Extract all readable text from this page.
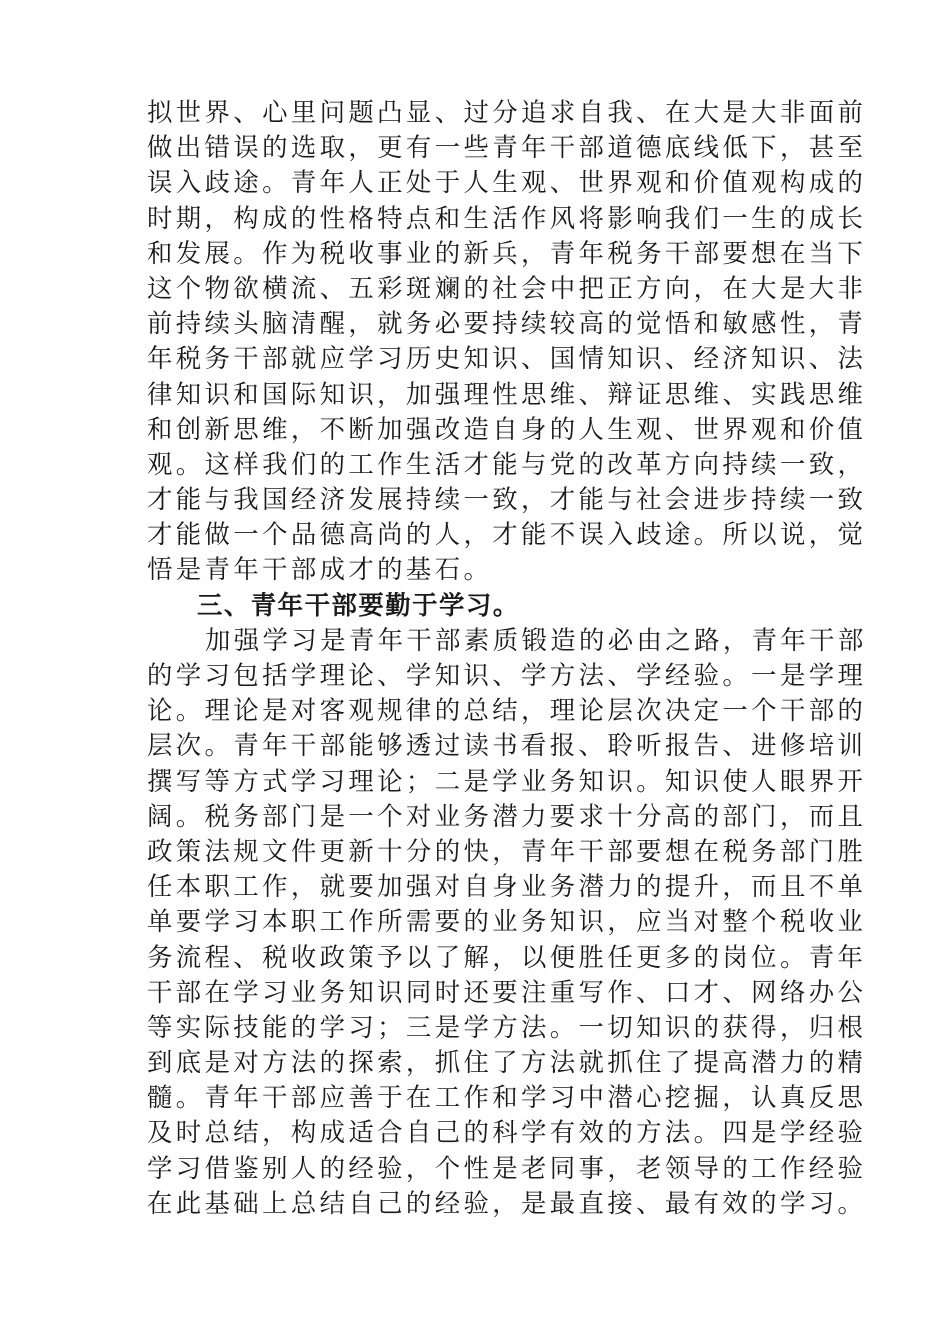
拟世界、心里问题凸显、过分追求自我、在大是大非面前
做出错误的选取，更有一些青年干部道德底线低下，甚至
误入歧途。青年人正处于人生观、世界观和价值观构成的
时期，构成的性格特点和生活作风将影响我们一生的成长
和发展。作为税收事业的新兵，青年税务干部要想在当下
这个物欲横流、五彩斑斓的社会中把正方向，在大是大非
前持续头脑清醒，就务必要持续较高的觉悟和敏感性，青
年税务干部就应学习历史知识、国情知识、经济知识、法
律知识和国际知识，加强理性思维、辩证思维、实践思维
和创新思维，不断加强改造自身的人生观、世界观和价值
观。这样我们的工作生活才能与党的改革方向持续一致，
才能与我国经济发展持续一致，才能与社会进步持续一致
才能做一个品德高尚的人，才能不误入歧途。所以说，觉
悟是青年干部成才的基石。
三、青年干部要勤于学习。
加强学习是青年干部素质锻造的必由之路，青年干部
的学习包括学理论、学知识、学方法、学经验。一是学理
论。理论是对客观规律的总结，理论层次决定一个干部的
层次。青年干部能够透过读书看报、聆听报告、进修培训
撰写等方式学习理论；二是学业务知识。知识使人眼界开
阔。税务部门是一个对业务潜力要求十分高的部门，而且
政策法规文件更新十分的快，青年干部要想在税务部门胜
任本职工作，就要加强对自身业务潜力的提升，而且不单
单要学习本职工作所需要的业务知识，应当对整个税收业
务流程、税收政策予以了解，以便胜任更多的岗位。青年
干部在学习业务知识同时还要注重写作、口才、网络办公
等实际技能的学习；三是学方法。一切知识的获得，归根
到底是对方法的探索，抓住了方法就抓住了提高潜力的精
髓。青年干部应善于在工作和学习中潜心挖掘，认真反思
及时总结，构成适合自己的科学有效的方法。四是学经验
学习借鉴别人的经验，个性是老同事，老领导的工作经验
在此基础上总结自己的经验，是最直接、最有效的学习。
